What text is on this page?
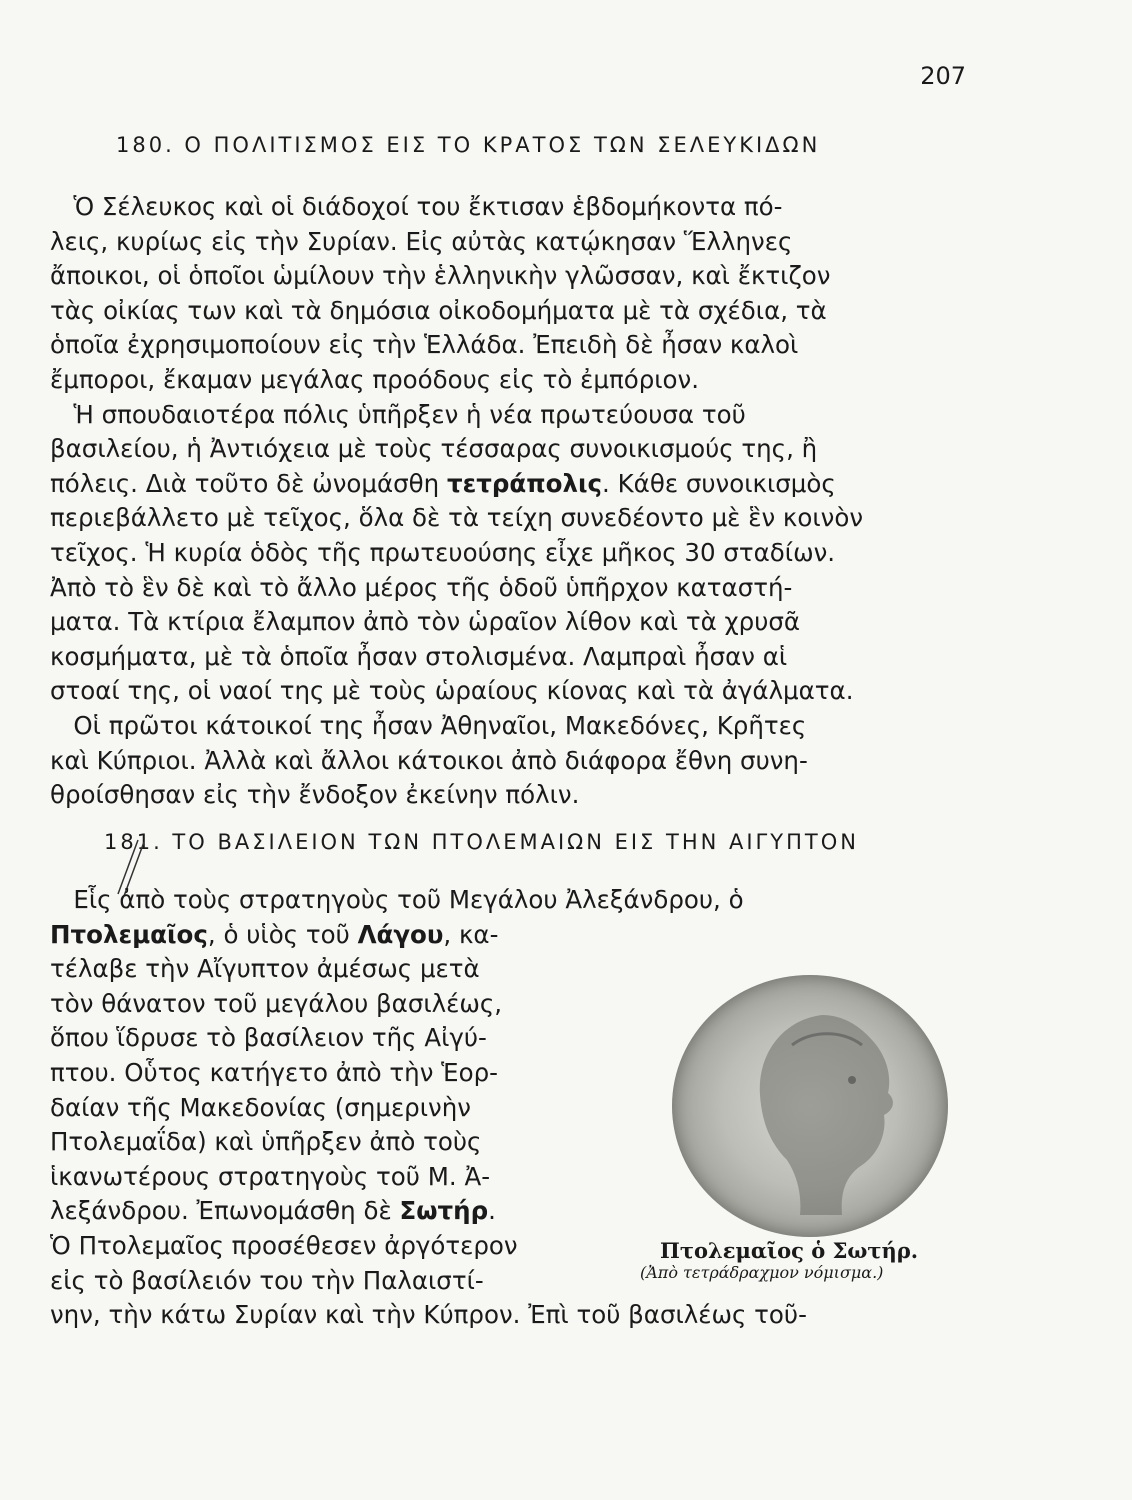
207
180. Ο ΠΟΛΙΤΙΣΜΟΣ ΕΙΣ ΤΟ ΚΡΑΤΟΣ ΤΩΝ ΣΕΛΕΥΚΙΔΩΝ
Ὁ Σέλευκος καὶ οἱ διάδοχοί του ἔκτισαν ἑβδομήκοντα πό-
λεις, κυρίως εἰς τὴν Συρίαν. Εἰς αὐτὰς κατῴκησαν Ἕλληνες
ἄποικοι, οἱ ὁποῖοι ὡμίλουν τὴν ἑλληνικὴν γλῶσσαν, καὶ ἔκτιζον
τὰς οἰκίας των καὶ τὰ δημόσια οἰκοδομήματα μὲ τὰ σχέδια, τὰ
ὁποῖα ἐχρησιμοποίουν εἰς τὴν Ἑλλάδα. Ἐπειδὴ δὲ ἦσαν καλοὶ
ἔμποροι, ἔκαμαν μεγάλας προόδους εἰς τὸ ἐμπόριον.
Ἡ σπουδαιοτέρα πόλις ὑπῆρξεν ἡ νέα πρωτεύουσα τοῦ
βασιλείου, ἡ Ἀντιόχεια μὲ τοὺς τέσσαρας συνοικισμούς της, ἢ
πόλεις. Διὰ τοῦτο δὲ ὠνομάσθη τετράπολις. Κάθε συνοικισμὸς
περιεβάλλετο μὲ τεῖχος, ὅλα δὲ τὰ τείχη συνεδέοντο μὲ ἓν κοινὸν
τεῖχος. Ἡ κυρία ὁδὸς τῆς πρωτευούσης εἶχε μῆκος 30 σταδίων.
Ἀπὸ τὸ ἓν δὲ καὶ τὸ ἄλλο μέρος τῆς ὁδοῦ ὑπῆρχον καταστή-
ματα. Τὰ κτίρια ἔλαμπον ἀπὸ τὸν ὡραῖον λίθον καὶ τὰ χρυσᾶ
κοσμήματα, μὲ τὰ ὁποῖα ἦσαν στολισμένα. Λαμπραὶ ἦσαν αἱ
στοαί της, οἱ ναοί της μὲ τοὺς ὡραίους κίονας καὶ τὰ ἀγάλματα.
Οἱ πρῶτοι κάτοικοί της ἦσαν Ἀθηναῖοι, Μακεδόνες, Κρῆτες
καὶ Κύπριοι. Ἀλλὰ καὶ ἄλλοι κάτοικοι ἀπὸ διάφορα ἔθνη συνη-
θροίσθησαν εἰς τὴν ἔνδοξον ἐκείνην πόλιν.
181. ΤΟ ΒΑΣΙΛΕΙΟΝ ΤΩΝ ΠΤΟΛΕΜΑΙΩΝ ΕΙΣ ΤΗΝ ΑΙΓΥΠΤΟΝ
Εἷς ἀπὸ τοὺς στρατηγοὺς τοῦ Μεγάλου Ἀλεξάνδρου, ὁ
Πτολεμαῖος, ὁ υἱὸς τοῦ Λάγου, κα-
τέλαβε τὴν Αἴγυπτον ἀμέσως μετὰ
τὸν θάνατον τοῦ μεγάλου βασιλέως,
ὅπου ἵδρυσε τὸ βασίλειον τῆς Αἰγύ-
πτου. Οὗτος κατήγετο ἀπὸ τὴν Ἑορ-
δαίαν τῆς Μακεδονίας (σημερινὴν
Πτολεμαΐδα) καὶ ὑπῆρξεν ἀπὸ τοὺς
ἱκανωτέρους στρατηγοὺς τοῦ Μ. Ἀ-
λεξάνδρου. Ἐπωνομάσθη δὲ Σωτήρ.
Ὁ Πτολεμαῖος προσέθεσεν ἀργότερον
εἰς τὸ βασίλειόν του τὴν Παλαιστί-
νην, τὴν κάτω Συρίαν καὶ τὴν Κύπρον. Ἐπὶ τοῦ βασιλέως τοῦ-
Πτολεμαῖος ὁ Σωτήρ.
(Ἀπὸ τετράδραχμον νόμισμα.)
